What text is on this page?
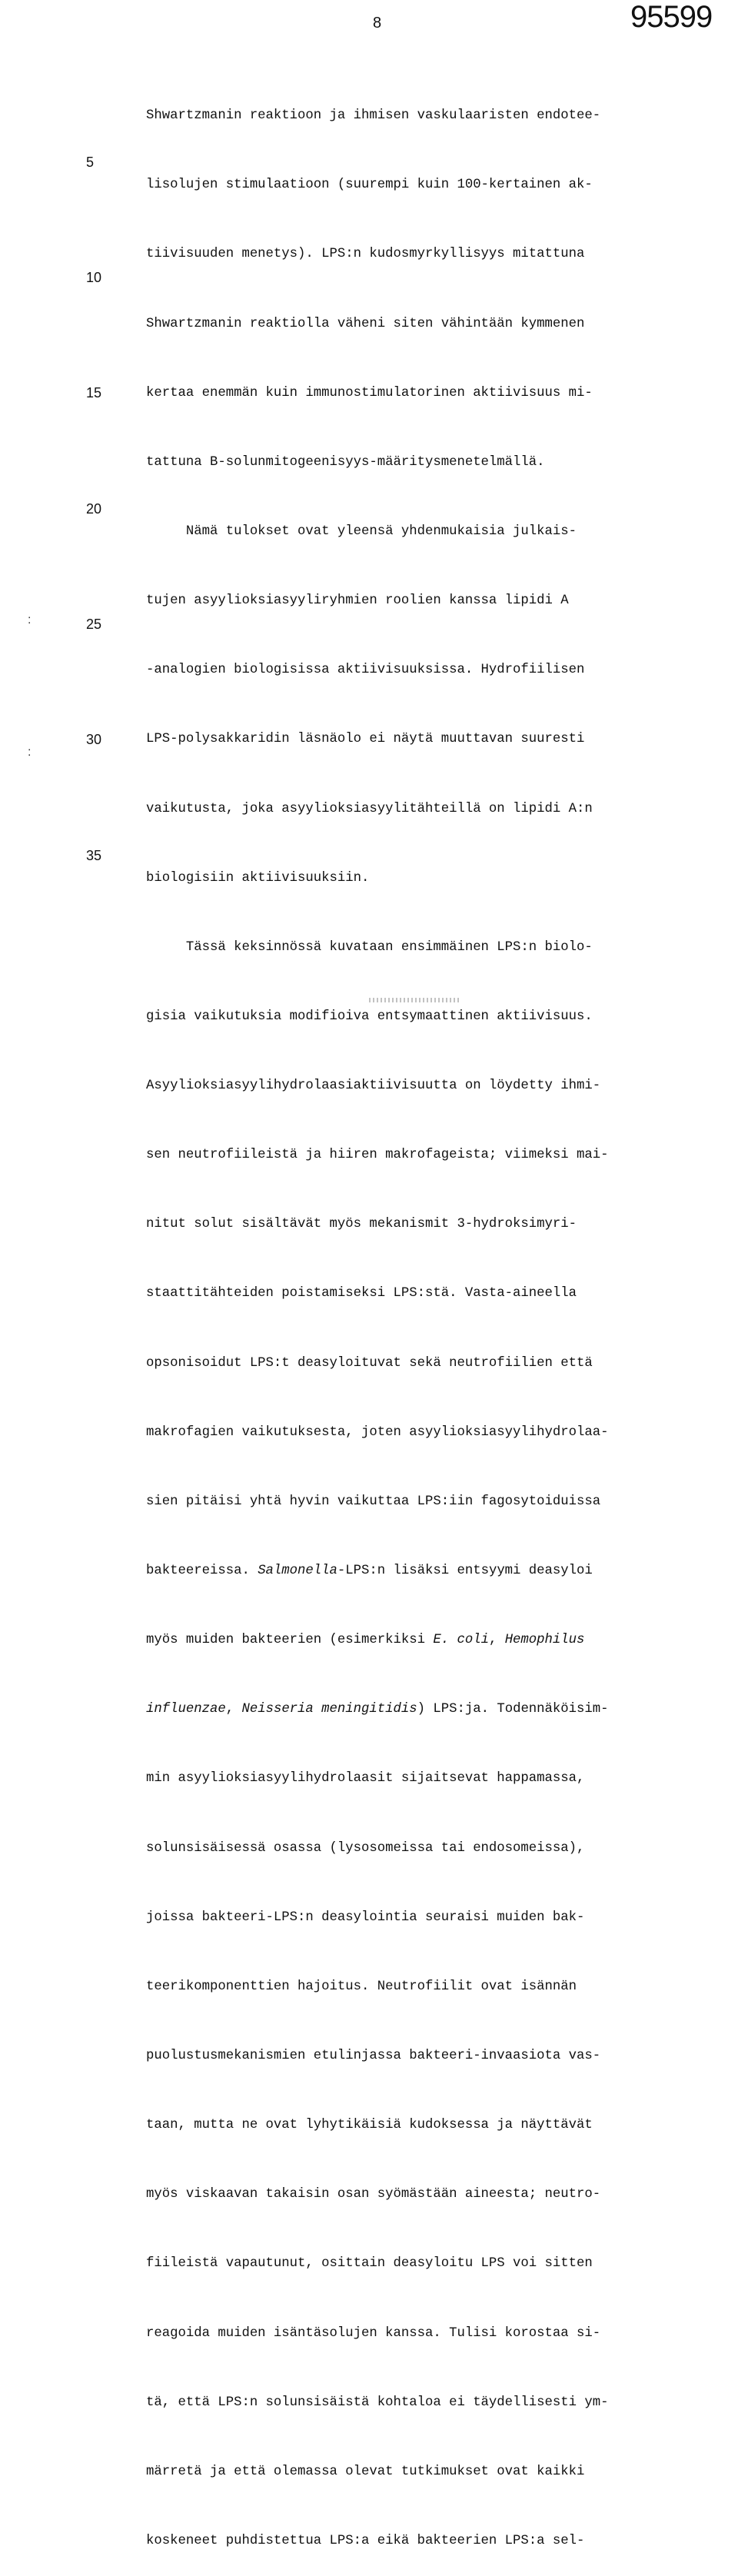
8	95599
5
10
15
20
25
30
35
:
:

Shwartzmanin reaktioon ja ihmisen vaskulaaristen endotee-

lisolujen stimulaatioon (suurempi kuin 100-kertainen ak-

tiivisuuden menetys). LPS:n kudosmyrkyllisyys mitattuna

Shwartzmanin reaktiolla väheni siten vähintään kymmenen

kertaa enemmän kuin immunostimulatorinen aktiivisuus mi-

tattuna B-solunmitogeenisyys-määritysmenetelmällä.

Nämä tulokset ovat yleensä yhdenmukaisia julkais-

tujen asyylioksiasyyliryhmien roolien kanssa lipidi A

-analogien biologisissa aktiivisuuksissa. Hydrofiilisen

LPS-polysakkaridin läsnäolo ei näytä muuttavan suuresti

vaikutusta, joka asyylioksiasyylitähteillä on lipidi A:n

biologisiin aktiivisuuksiin.

Tässä keksinnössä kuvataan ensimmäinen LPS:n biolo-

gisia vaikutuksia modifioiva entsymaattinen aktiivisuus.

Asyylioksiasyylihydrolaasiaktiivisuutta on löydetty ihmi-

sen neutrofiileistä ja hiiren makrofageista; viimeksi mai-

nitut solut sisältävät myös mekanismit 3-hydroksimyri-

staattitähteiden poistamiseksi LPS:stä. Vasta-aineella

opsonisoidut LPS:t deasyloituvat sekä neutrofiilien että

makrofagien vaikutuksesta, joten asyylioksiasyylihydrolaa-

sien pitäisi yhtä hyvin vaikuttaa LPS:iin fagosytoiduissa

bakteereissa. Salmonella-LPS:n lisäksi entsyymi deasyloi

myös muiden bakteerien (esimerkiksi E. coli, Hemophilus

influenzae, Neisseria meningitidis) LPS:ja. Todennäköisim-

min asyylioksiasyylihydrolaasit sijaitsevat happamassa,

solunsisäisessä osassa (lysosomeissa tai endosomeissa),

joissa bakteeri-LPS:n deasylointia seuraisi muiden bak-

teerikomponenttien hajoitus. Neutrofiilit ovat isännän

puolustusmekanismien etulinjassa bakteeri-invaasiota vas-

taan, mutta ne ovat lyhytikäisiä kudoksessa ja näyttävät

myös viskaavan takaisin osan syömästään aineesta; neutro-

fiileistä vapautunut, osittain deasyloitu LPS voi sitten

reagoida muiden isäntäsolujen kanssa. Tulisi korostaa si-

tä, että LPS:n solunsisäistä kohtaloa ei täydellisesti ym-

märretä ja että olemassa olevat tutkimukset ovat kaikki

koskeneet puhdistettua LPS:a eikä bakteerien LPS:a sel-
